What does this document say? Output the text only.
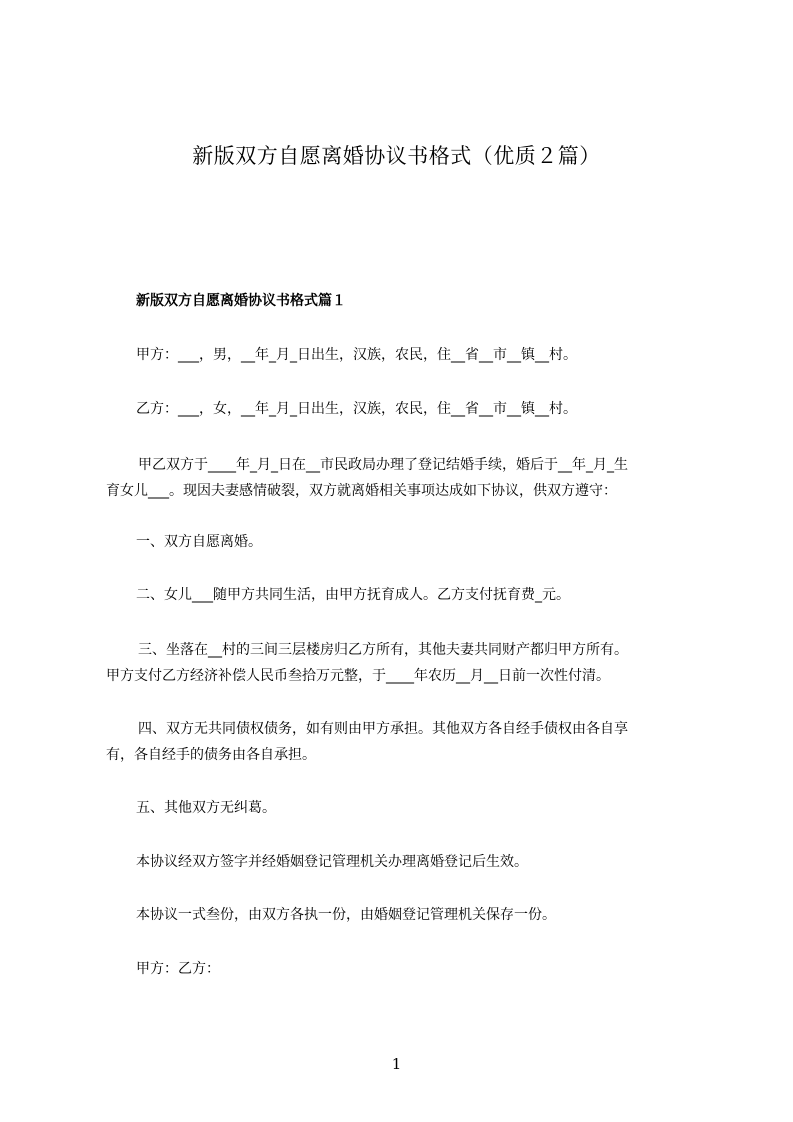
新版双方自愿离婚协议书格式（优质２篇）
新版双方自愿离婚协议书格式篇１

甲方：___，男，__年_月_日出生，汉族，农民，住__省__市__镇__村。

乙方：___，女，__年_月_日出生，汉族，农民，住__省__市__镇__村。

甲乙双方于____年_月_日在__市民政局办理了登记结婚手续，婚后于__年_月_生

育女儿___。现因夫妻感情破裂，双方就离婚相关事项达成如下协议，供双方遵守：

一、双方自愿离婚。

二、女儿___随甲方共同生活，由甲方抚育成人。乙方支付抚育费_元。

三、坐落在__村的三间三层楼房归乙方所有，其他夫妻共同财产都归甲方所有。

甲方支付乙方经济补偿人民币叁拾万元整，于____年农历__月__日前一次性付清。

四、双方无共同债权债务，如有则由甲方承担。其他双方各自经手债权由各自享

有，各自经手的债务由各自承担。

五、其他双方无纠葛。

本协议经双方签字并经婚姻登记管理机关办理离婚登记后生效。

本协议一式叁份，由双方各执一份，由婚姻登记管理机关保存一份。

甲方：乙方：

1
